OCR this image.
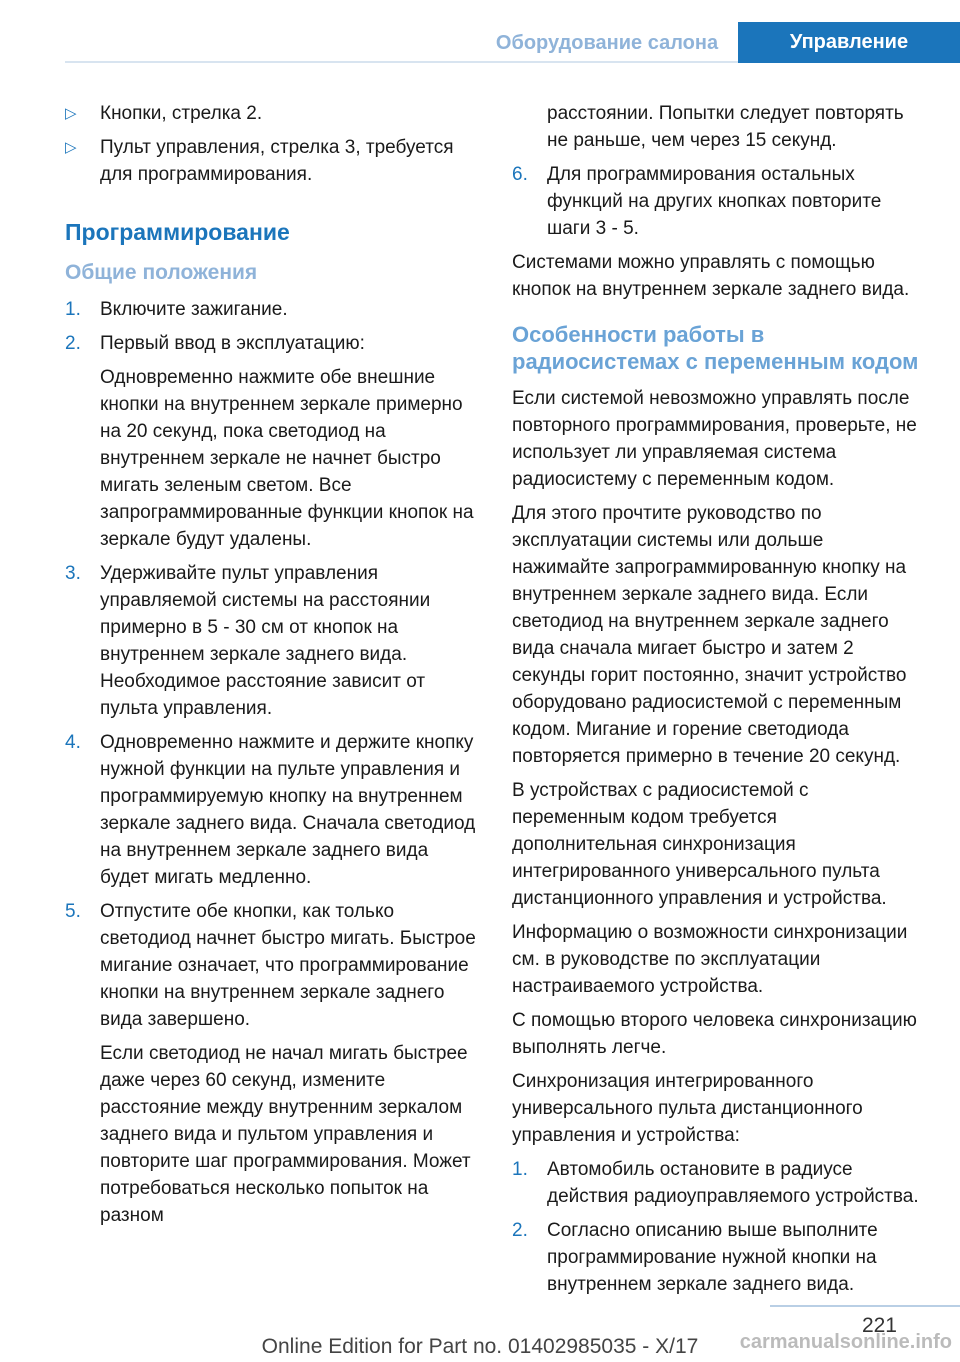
Оборудование салона	Управление
▷ Кнопки, стрелка 2.
▷ Пульт управления, стрелка 3, требуется для программирования.
Программирование
Общие положения
1. Включите зажигание.
2. Первый ввод в эксплуатацию:

Одновременно нажмите обе внешние кнопки на внутреннем зеркале примерно на 20 секунд, пока светодиод на внутреннем зеркале не начнет быстро мигать зеленым светом. Все запрограммированные функции кнопок на зеркале будут удалены.

3. Удерживайте пульт управления управляемой системы на расстоянии примерно в 5 - 30 см от кнопок на внутреннем зеркале заднего вида. Необходимое расстояние зависит от пульта управления.
4. Одновременно нажмите и держите кнопку нужной функции на пульте управления и программируемую кнопку на внутреннем зеркале заднего вида. Сначала светодиод на внутреннем зеркале заднего вида будет мигать медленно.
5. Отпустите обе кнопки, как только светодиод начнет быстро мигать. Быстрое мигание означает, что программирование кнопки на внутреннем зеркале заднего вида завершено.

Если светодиод не начал мигать быстрее даже через 60 секунд, измените расстояние между внутренним зеркалом заднего вида и пультом управления и повторите шаг программирования. Может потребоваться несколько попыток на разном

расстоянии. Попытки следует повторять не раньше, чем через 15 секунд.

6. Для программирования остальных функций на других кнопках повторите шаги 3 - 5.

Системами можно управлять с помощью кнопок на внутреннем зеркале заднего вида.

Особенности работы в радиосистемах с переменным кодом

Если системой невозможно управлять после повторного программирования, проверьте, не использует ли управляемая система радиосистему с переменным кодом.

Для этого прочтите руководство по эксплуатации системы или дольше нажимайте запрограммированную кнопку на внутреннем зеркале заднего вида. Если светодиод на внутреннем зеркале заднего вида сначала мигает быстро и затем 2 секунды горит постоянно, значит устройство оборудовано радиосистемой с переменным кодом. Мигание и горение светодиода повторяется примерно в течение 20 секунд.

В устройствах с радиосистемой с переменным кодом требуется дополнительная синхронизация интегрированного универсального пульта дистанционного управления и устройства.

Информацию о возможности синхронизации см. в руководстве по эксплуатации настраиваемого устройства.

С помощью второго человека синхронизацию выполнять легче.

Синхронизация интегрированного универсального пульта дистанционного управления и устройства:

1. Автомобиль остановите в радиусе действия радиоуправляемого устройства.
2. Согласно описанию выше выполните программирование нужной кнопки на внутреннем зеркале заднего вида.
221
Online Edition for Part no. 01402985035 - X/17	carmanualsonline.info
